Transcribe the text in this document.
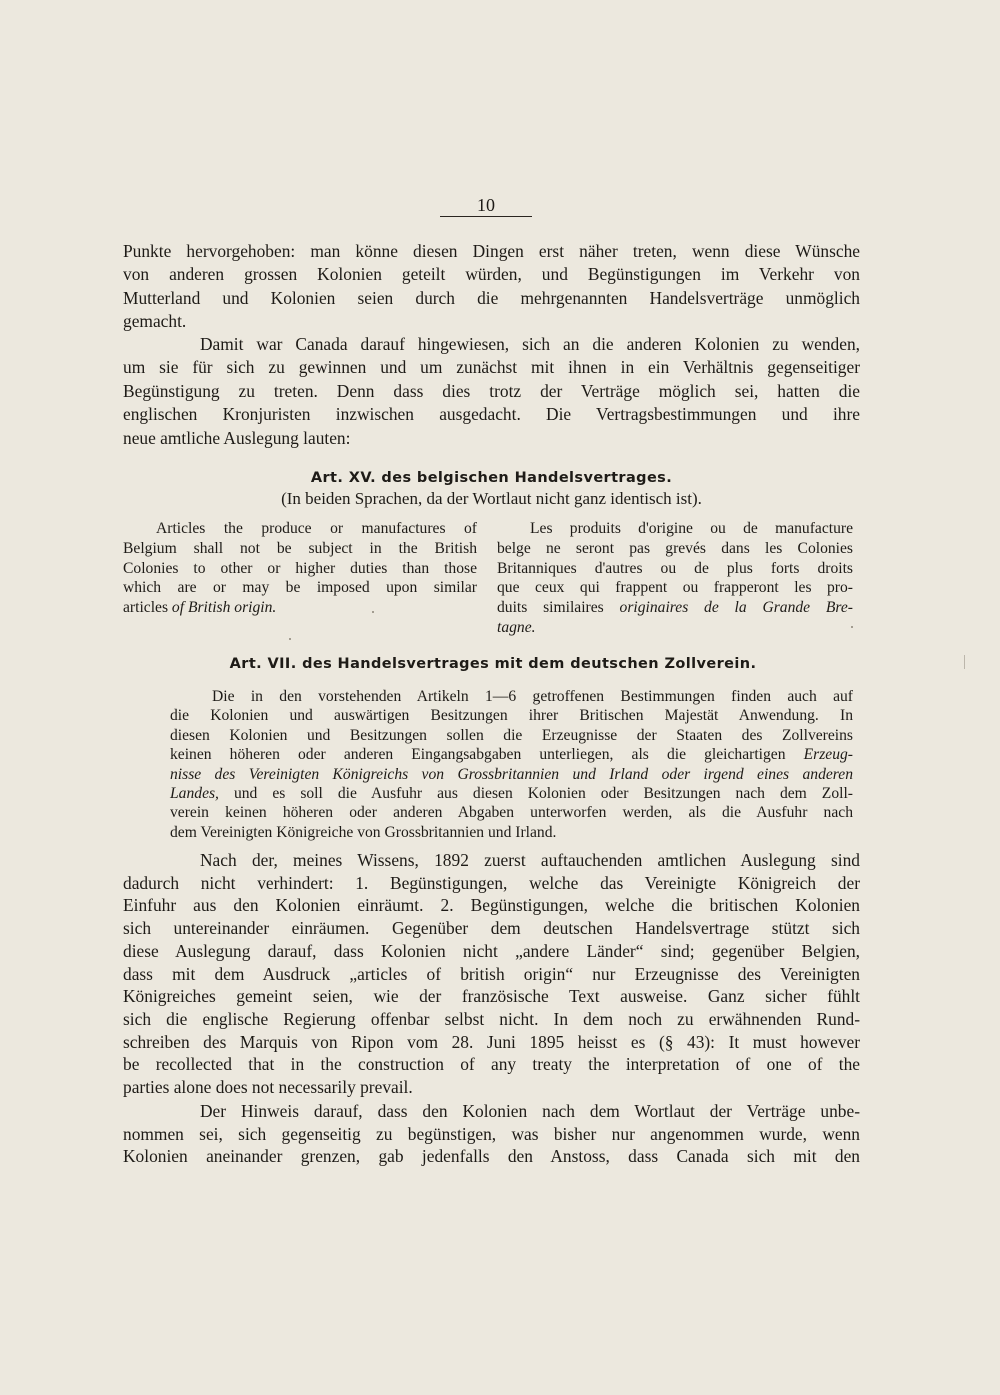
10
Punkte hervorgehoben: man könne diesen Dingen erst näher treten, wenn diese Wünsche
von anderen grossen Kolonien geteilt würden, und Begünstigungen im Verkehr von
Mutterland und Kolonien seien durch die mehrgenannten Handelsverträge unmöglich
gemacht.
Damit war Canada darauf hingewiesen, sich an die anderen Kolonien zu wenden,
um sie für sich zu gewinnen und um zunächst mit ihnen in ein Verhältnis gegenseitiger
Begünstigung zu treten. Denn dass dies trotz der Verträge möglich sei, hatten die
englischen Kronjuristen inzwischen ausgedacht. Die Vertragsbestimmungen und ihre
neue amtliche Auslegung lauten:
Art. XV. des belgischen Handelsvertrages.
(In beiden Sprachen, da der Wortlaut nicht ganz identisch ist).
Articles the produce or manufactures of
Belgium shall not be subject in the British
Colonies to other or higher duties than those
which are or may be imposed upon similar
articles of British origin.
Les produits d'origine ou de manufacture
belge ne seront pas grevés dans les Colonies
Britanniques d'autres ou de plus forts droits
que ceux qui frappent ou frapperont les pro-
duits similaires originaires de la Grande Bre-
tagne.
Art. VII. des Handelsvertrages mit dem deutschen Zollverein.
Die in den vorstehenden Artikeln 1—6 getroffenen Bestimmungen finden auch auf
die Kolonien und auswärtigen Besitzungen ihrer Britischen Majestät Anwendung. In
diesen Kolonien und Besitzungen sollen die Erzeugnisse der Staaten des Zollvereins
keinen höheren oder anderen Eingangsabgaben unterliegen, als die gleichartigen Erzeug-
nisse des Vereinigten Königreichs von Grossbritannien und Irland oder irgend eines anderen
Landes, und es soll die Ausfuhr aus diesen Kolonien oder Besitzungen nach dem Zoll-
verein keinen höheren oder anderen Abgaben unterworfen werden, als die Ausfuhr nach
dem Vereinigten Königreiche von Grossbritannien und Irland.
Nach der, meines Wissens, 1892 zuerst auftauchenden amtlichen Auslegung sind
dadurch nicht verhindert: 1. Begünstigungen, welche das Vereinigte Königreich der
Einfuhr aus den Kolonien einräumt. 2. Begünstigungen, welche die britischen Kolonien
sich untereinander einräumen. Gegenüber dem deutschen Handelsvertrage stützt sich
diese Auslegung darauf, dass Kolonien nicht „andere Länder“ sind; gegenüber Belgien,
dass mit dem Ausdruck „articles of british origin“ nur Erzeugnisse des Vereinigten
Königreiches gemeint seien, wie der französische Text ausweise. Ganz sicher fühlt
sich die englische Regierung offenbar selbst nicht. In dem noch zu erwähnenden Rund-
schreiben des Marquis von Ripon vom 28. Juni 1895 heisst es (§ 43): It must however
be recollected that in the construction of any treaty the interpretation of one of the
parties alone does not necessarily prevail.
Der Hinweis darauf, dass den Kolonien nach dem Wortlaut der Verträge unbe-
nommen sei, sich gegenseitig zu begünstigen, was bisher nur angenommen wurde, wenn
Kolonien aneinander grenzen, gab jedenfalls den Anstoss, dass Canada sich mit den
